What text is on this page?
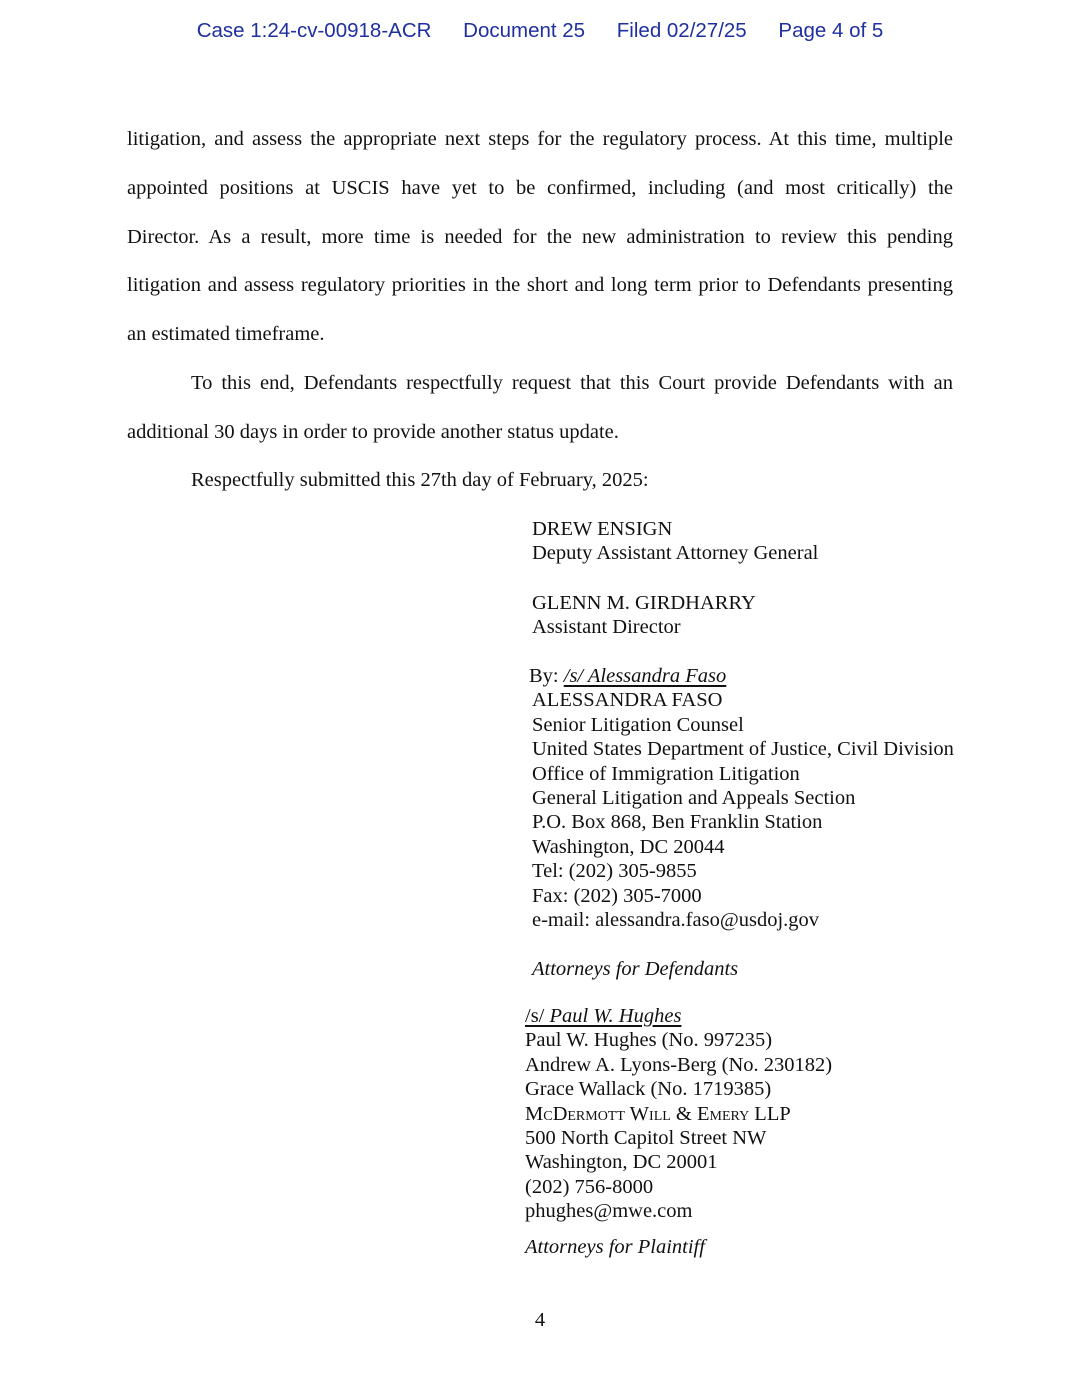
Case 1:24-cv-00918-ACR Document 25 Filed 02/27/25 Page 4 of 5
litigation, and assess the appropriate next steps for the regulatory process. At this time, multiple
appointed positions at USCIS have yet to be confirmed, including (and most critically) the
Director. As a result, more time is needed for the new administration to review this pending
litigation and assess regulatory priorities in the short and long term prior to Defendants presenting
an estimated timeframe.
To this end, Defendants respectfully request that this Court provide Defendants with an
additional 30 days in order to provide another status update.
Respectfully submitted this 27th day of February, 2025:
DREW ENSIGN
Deputy Assistant Attorney General
GLENN M. GIRDHARRY
Assistant Director
By: /s/ Alessandra Faso
ALESSANDRA FASO
Senior Litigation Counsel
United States Department of Justice, Civil Division
Office of Immigration Litigation
General Litigation and Appeals Section
P.O. Box 868, Ben Franklin Station
Washington, DC 20044
Tel: (202) 305-9855
Fax: (202) 305-7000
e-mail: alessandra.faso@usdoj.gov
Attorneys for Defendants
/s/ Paul W. Hughes
Paul W. Hughes (No. 997235)
Andrew A. Lyons-Berg (No. 230182)
Grace Wallack (No. 1719385)
McDermott Will & Emery LLP
500 North Capitol Street NW
Washington, DC 20001
(202) 756-8000
phughes@mwe.com
Attorneys for Plaintiff
4
